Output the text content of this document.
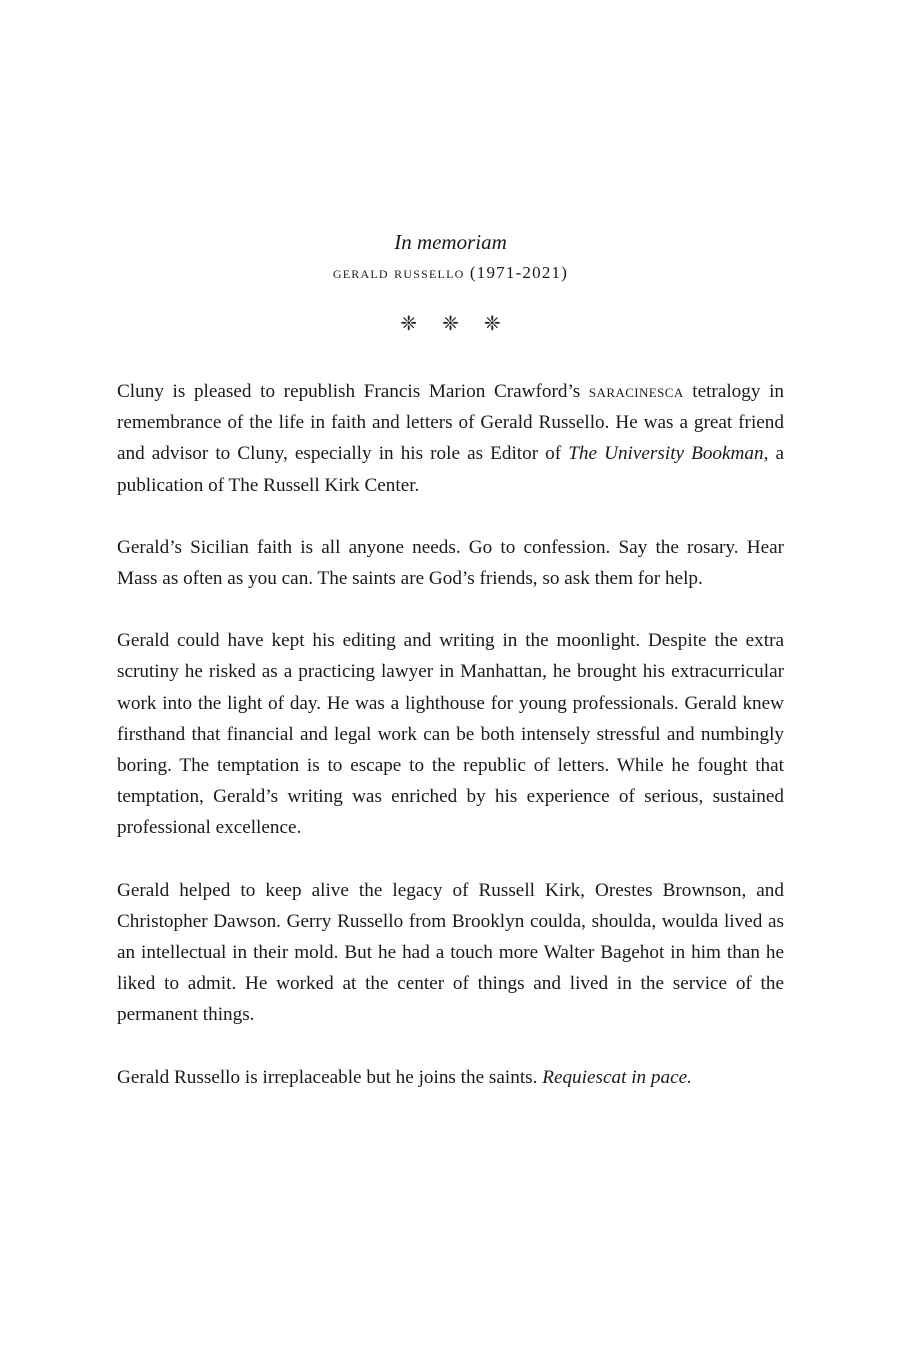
In memoriam
gerald russello (1971-2021)
❈ ❈ ❈

Cluny is pleased to republish Francis Marion Crawford’s saracinesca tetralogy in remembrance of the life in faith and letters of Gerald Russello. He was a great friend and advisor to Cluny, especially in his role as Editor of The University Bookman, a publication of The Russell Kirk Center.

Gerald’s Sicilian faith is all anyone needs. Go to confession. Say the rosary. Hear Mass as often as you can. The saints are God’s friends, so ask them for help.

Gerald could have kept his editing and writing in the moonlight. Despite the extra scrutiny he risked as a practicing lawyer in Manhattan, he brought his extracurricular work into the light of day. He was a lighthouse for young professionals. Gerald knew firsthand that financial and legal work can be both intensely stressful and numbingly boring. The temptation is to escape to the republic of letters. While he fought that temptation, Gerald’s writing was enriched by his experience of serious, sustained professional excellence.

Gerald helped to keep alive the legacy of Russell Kirk, Orestes Brownson, and Christopher Dawson. Gerry Russello from Brooklyn coulda, shoulda, woulda lived as an intellectual in their mold. But he had a touch more Walter Bagehot in him than he liked to admit. He worked at the center of things and lived in the service of the permanent things.

Gerald Russello is irreplaceable but he joins the saints. Requiescat in pace.
